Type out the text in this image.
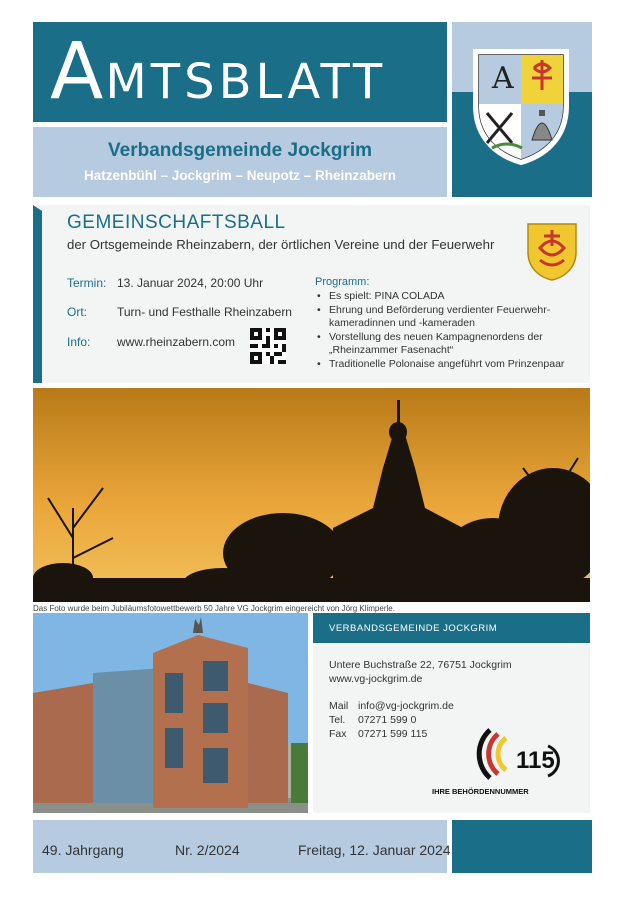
AMTSBLATT	A
Verbandsgemeinde Jockgrim
Hatzenbühl – Jockgrim – Neupotz – Rheinzabern
GEMEINSCHAFTSBALL
der Ortsgemeinde Rheinzabern, der örtlichen Vereine und der Feuerwehr
Termin: 13. Januar 2024, 20:00 Uhr
Ort:	Turn- und Festhalle Rheinzabern
Info: www.rheinzabern.com
Programm:
• Es spielt: PINA COLADA
• Ehrung und Beförderung verdienter Feuerwehr-kameradinnen und -kameraden
• Vorstellung des neuen Kampagnenordens der „Rheinzammer Fasenacht“
• Traditionelle Polonaise angeführt vom Prinzenpaar
Das Foto wurde beim Jubiläumsfotowettbewerb 50 Jahre VG Jockgrim eingereicht von Jörg Klimperle.
VERBANDSGEMEINDE JOCKGRIM
Untere Buchstraße 22, 76751 Jockgrim
www.vg-jockgrim.de
Mail info@vg-jockgrim.de
Tel. 07271 599 0
Fax 07271 599 115
115
IHRE BEHÖRDENNUMMER
49. Jahrgang	Nr. 2/2024	Freitag, 12. Januar 2024
